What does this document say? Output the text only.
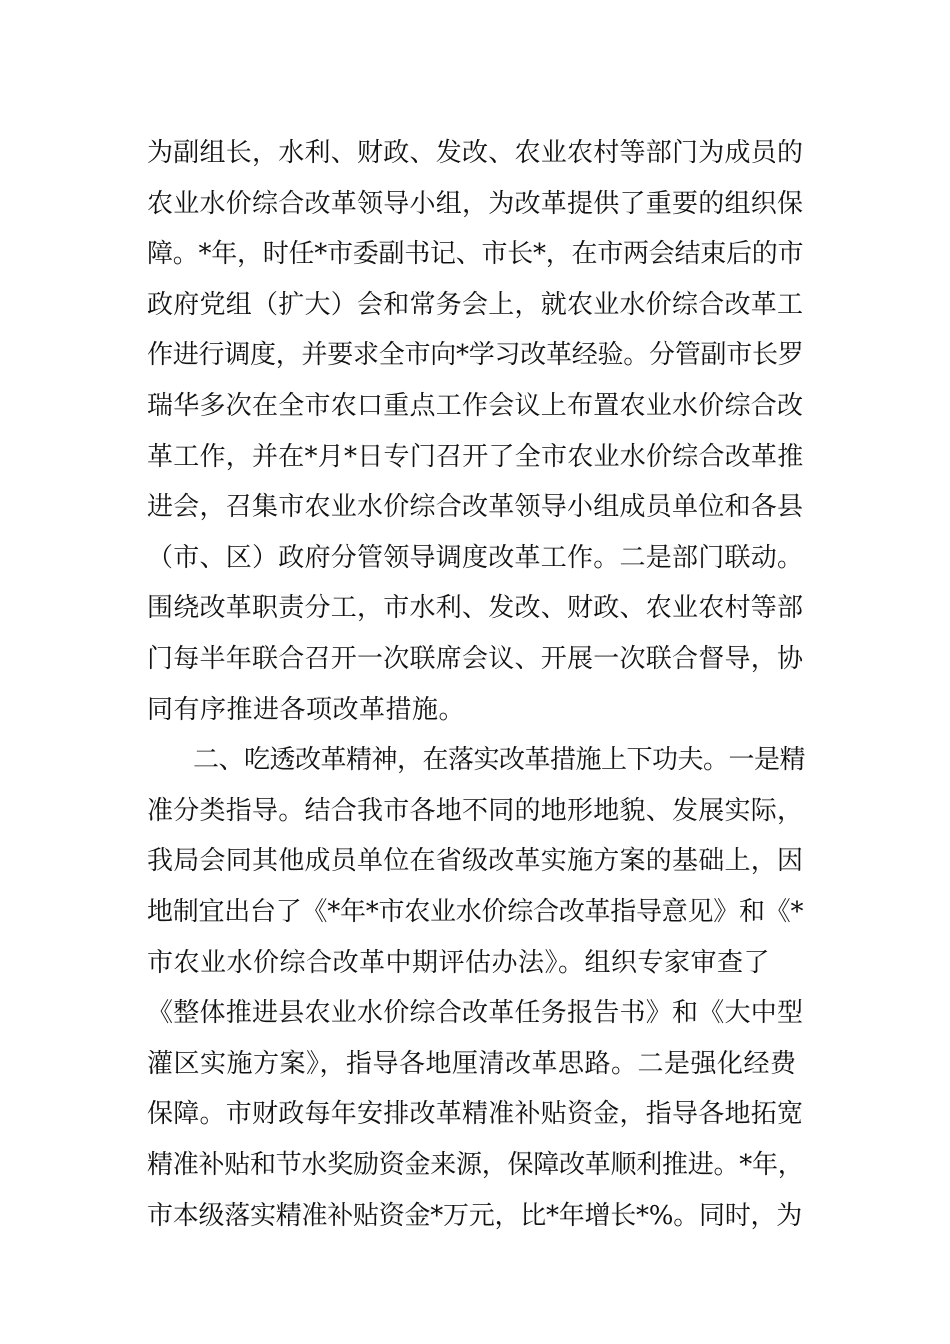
为副组长，水利、财政、发改、农业农村等部门为成员的
农业水价综合改革领导小组，为改革提供了重要的组织保
障。*年，时任*市委副书记、市长*，在市两会结束后的市
政府党组（扩大）会和常务会上，就农业水价综合改革工
作进行调度，并要求全市向*学习改革经验。分管副市长罗
瑞华多次在全市农口重点工作会议上布置农业水价综合改
革工作，并在*月*日专门召开了全市农业水价综合改革推
进会，召集市农业水价综合改革领导小组成员单位和各县
（市、区）政府分管领导调度改革工作。二是部门联动。
围绕改革职责分工，市水利、发改、财政、农业农村等部
门每半年联合召开一次联席会议、开展一次联合督导，协
同有序推进各项改革措施。
二、吃透改革精神，在落实改革措施上下功夫。一是精
准分类指导。结合我市各地不同的地形地貌、发展实际，
我局会同其他成员单位在省级改革实施方案的基础上，因
地制宜出台了《*年*市农业水价综合改革指导意见》和《*
市农业水价综合改革中期评估办法》。组织专家审查了
《整体推进县农业水价综合改革任务报告书》和《大中型
灌区实施方案》，指导各地厘清改革思路。二是强化经费
保障。市财政每年安排改革精准补贴资金，指导各地拓宽
精准补贴和节水奖励资金来源，保障改革顺利推进。*年，
市本级落实精准补贴资金*万元，比*年增长*%。同时，为
